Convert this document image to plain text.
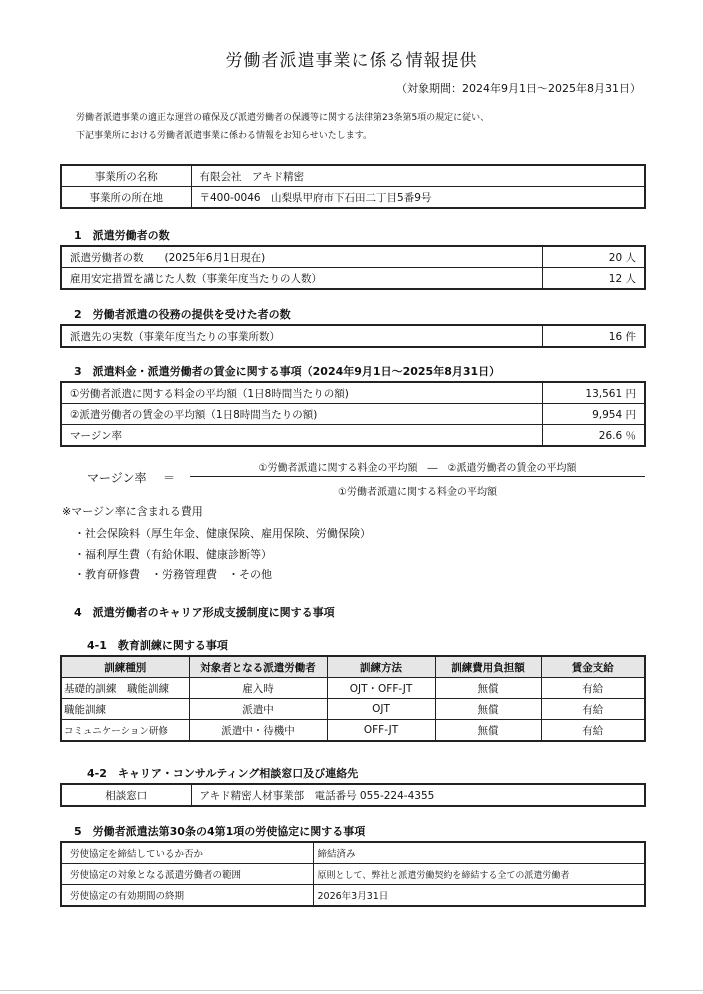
労働者派遣事業に係る情報提供
（対象期間：2024年9月1日～2025年8月31日）
労働者派遣事業の適正な運営の確保及び派遣労働者の保護等に関する法律第23条第5項の規定に従い、
下記事業所における労働者派遣事業に係わる情報をお知らせいたします。
事業所の名称	有限会社　アキド精密
事業所の所在地	〒400-0046　山梨県甲府市下石田二丁目5番9号
1　派遣労働者の数
派遣労働者の数　　(2025年6月1日現在)	20 人
雇用安定措置を講じた人数（事業年度当たりの人数）	12 人
2　労働者派遣の役務の提供を受けた者の数
派遣先の実数（事業年度当たりの事業所数）	16 件
3　派遣料金・派遣労働者の賃金に関する事項（2024年9月1日～2025年8月31日）
①労働者派遣に関する料金の平均額（1日8時間当たりの額)	13,561 円
②派遣労働者の賃金の平均額（1日8時間当たりの額)	9,954 円
マージン率	26.6 ％
マージン率 ＝
①労働者派遣に関する料金の平均額　―　②派遣労働者の賃金の平均額
①労働者派遣に関する料金の平均額
※マージン率に含まれる費用
・社会保険料（厚生年金、健康保険、雇用保険、労働保険）
・福利厚生費（有給休暇、健康診断等）
・教育研修費　・労務管理費　・その他
4　派遣労働者のキャリア形成支援制度に関する事項
4-1　教育訓練に関する事項
訓練種別	対象者となる派遣労働者	訓練方法	訓練費用負担額	賃金支給
基礎的訓練　職能訓練	雇入時	OJT・OFF-JT	無償	有給
職能訓練	派遣中	OJT	無償	有給
コミュニケーション研修	派遣中・待機中	OFF-JT	無償	有給
4-2　キャリア・コンサルティング相談窓口及び連絡先
相談窓口	アキド精密人材事業部　電話番号 055-224-4355
5　労働者派遣法第30条の4第1項の労使協定に関する事項
労使協定を締結しているか否か	締結済み
労使協定の対象となる派遣労働者の範囲	原則として、弊社と派遣労働契約を締結する全ての派遣労働者
労使協定の有効期間の終期	2026年3月31日
